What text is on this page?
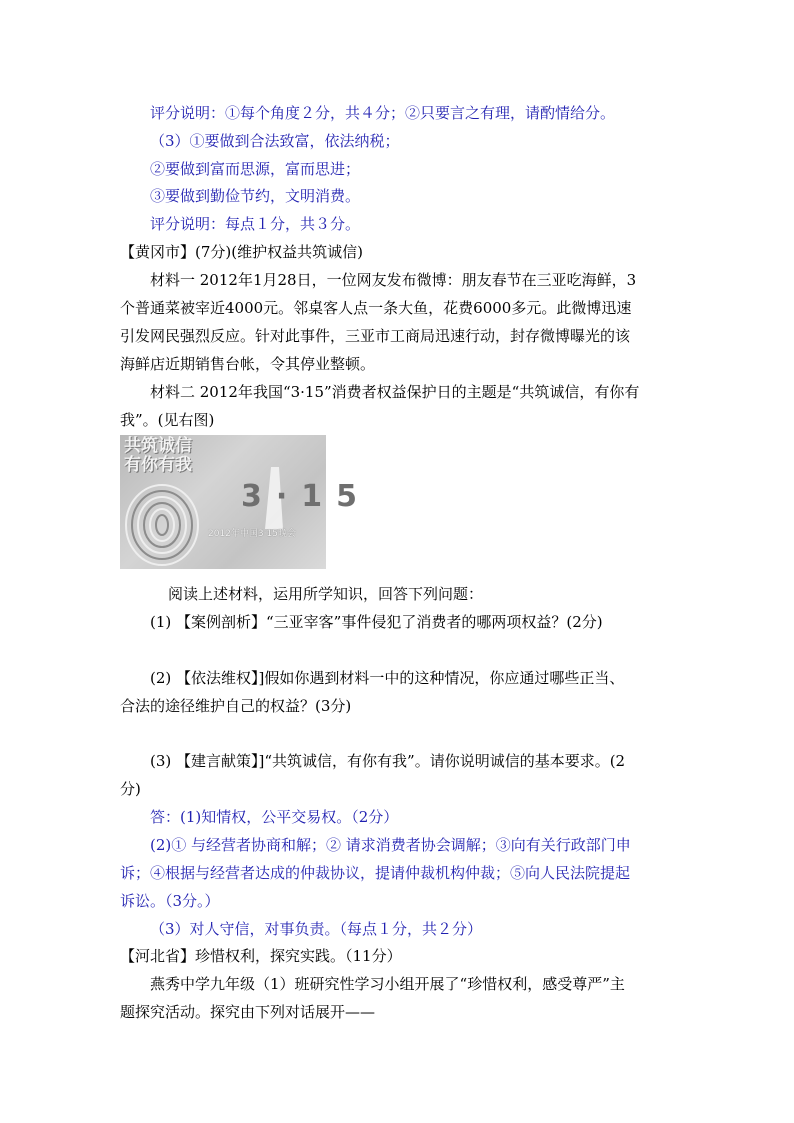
评分说明：①每个角度２分，共４分；②只要言之有理，请酌情给分。
（3）①要做到合法致富，依法纳税；
②要做到富而思源，富而思进；
③要做到勤俭节约，文明消费。
评分说明：每点１分，共３分。
【黄冈市】(7分)(维护权益共筑诚信)
材料一 2012年1月28日，一位网友发布微博：朋友春节在三亚吃海鲜，3
个普通菜被宰近4000元。邻桌客人点一条大鱼，花费6000多元。此微博迅速
引发网民强烈反应。针对此事件，三亚市工商局迅速行动，封存微博曝光的该
海鲜店近期销售台帐，令其停业整顿。
材料二 2012年我国“3·15”消费者权益保护日的主题是“共筑诚信，有你有
我”。(见右图)
共筑诚信
有你有我
3·15
2012年中国3·15晚会
阅读上述材料，运用所学知识，回答下列问题：
(1) 【案例剖析】“三亚宰客”事件侵犯了消费者的哪两项权益？(2分)
(2) 【依法维权】]假如你遇到材料一中的这种情况，你应通过哪些正当、
合法的途径维护自己的权益？(3分)
(3) 【建言献策】]“共筑诚信，有你有我”。请你说明诚信的基本要求。(2
分)
答：(1)知情权，公平交易权。（2分）
(2)① 与经营者协商和解；② 请求消费者协会调解；③向有关行政部门申
诉；④根据与经营者达成的仲裁协议，提请仲裁机构仲裁；⑤向人民法院提起
诉讼。（3分。）
（3）对人守信，对事负责。（每点１分，共２分）
【河北省】珍惜权利，探究实践。（11分）
燕秀中学九年级（1）班研究性学习小组开展了“珍惜权利，感受尊严”主
题探究活动。探究由下列对话展开——
